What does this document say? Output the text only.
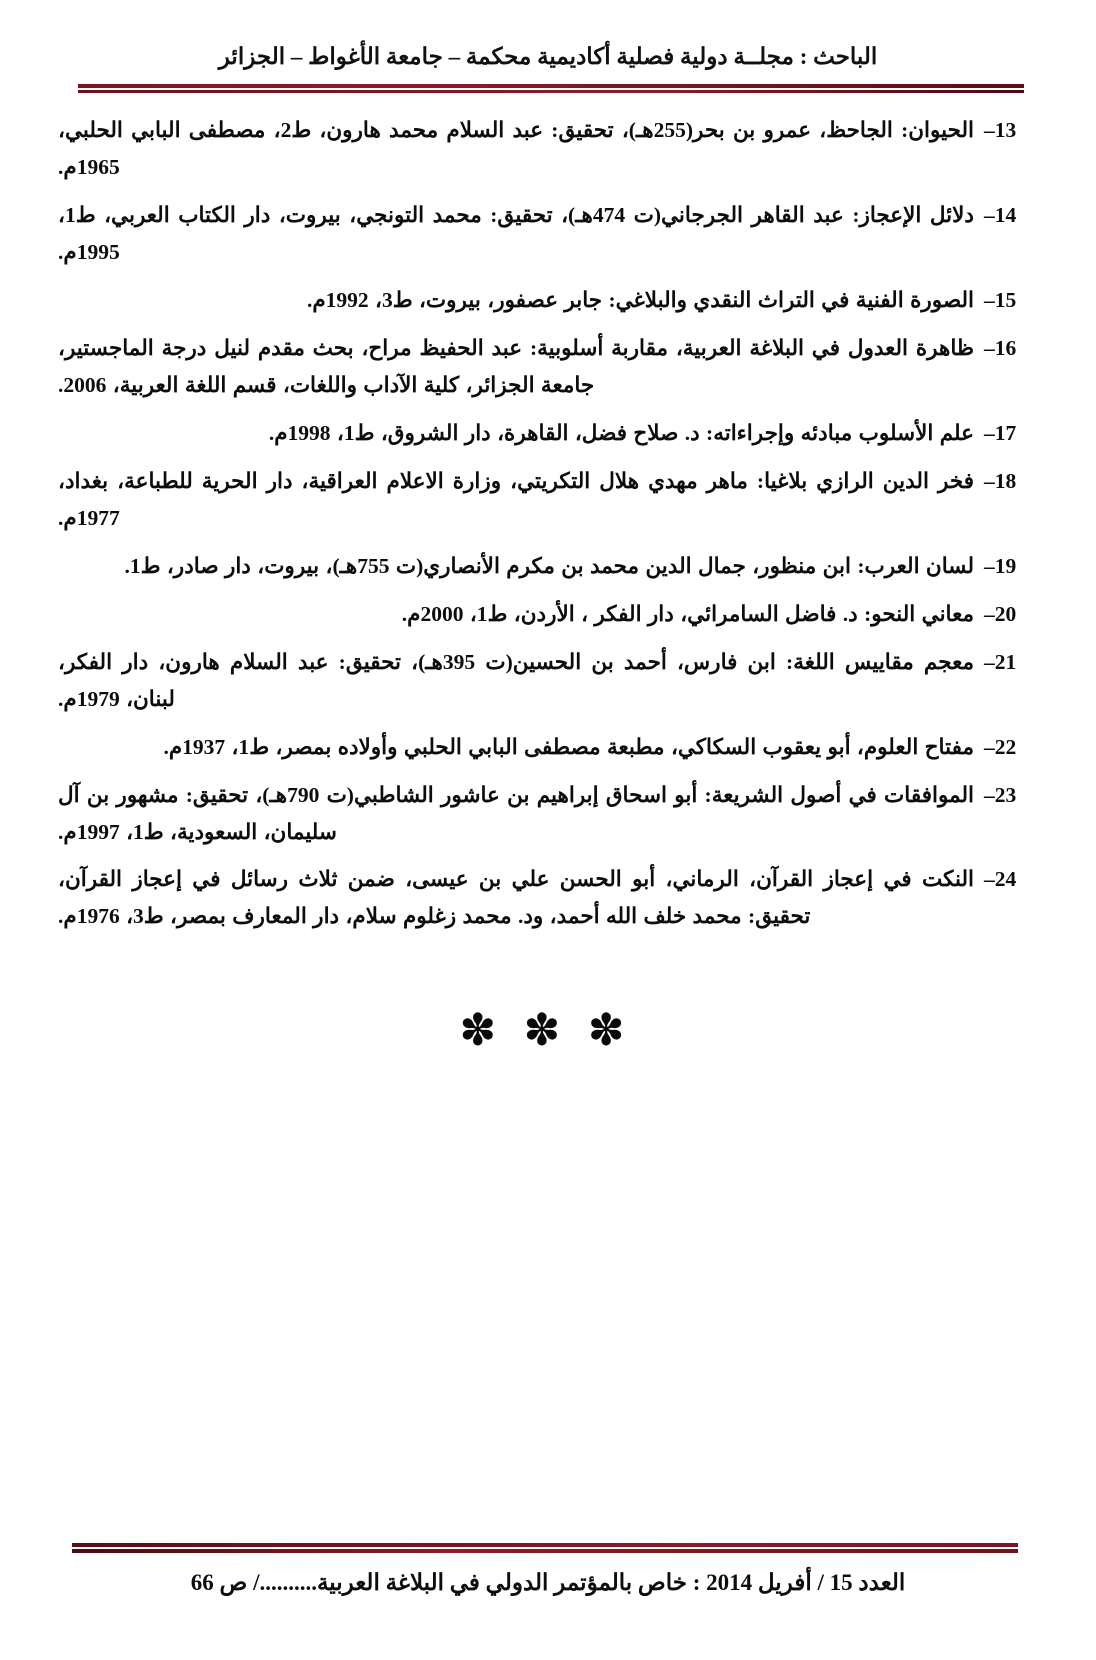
الباحث : مجلــة دولية فصلية أكاديمية محكمة – جامعة الأغواط – الجزائر
13–
الحيوان: الجاحظ، عمرو بن بحر(255هـ)، تحقيق: عبد السلام محمد هارون، ط2، مصطفى البابي الحلبي، 1965م.
14–
دلائل الإعجاز: عبد القاهر الجرجاني(ت 474هـ)، تحقيق: محمد التونجي، بيروت، دار الكتاب العربي، ط1، 1995م.
15–
الصورة الفنية في التراث النقدي والبلاغي: جابر عصفور، بيروت، ط3، 1992م.
16–
ظاهرة العدول في البلاغة العربية، مقاربة أسلوبية: عبد الحفيظ مراح، بحث مقدم لنيل درجة الماجستير، جامعة الجزائر، كلية الآداب واللغات، قسم اللغة العربية، 2006.
17–
علم الأسلوب مبادئه وإجراءاته: د. صلاح فضل، القاهرة، دار الشروق، ط1، 1998م.
18–
فخر الدين الرازي بلاغيا: ماهر مهدي هلال التكريتي، وزارة الاعلام العراقية، دار الحرية للطباعة، بغداد، 1977م.
19–
لسان العرب: ابن منظور، جمال الدين محمد بن مكرم الأنصاري(ت 755هـ)، بيروت، دار صادر، ط1.
20–
معاني النحو: د. فاضل السامرائي، دار الفكر ، الأردن، ط1، 2000م.
21–
معجم مقاييس اللغة: ابن فارس، أحمد بن الحسين(ت 395هـ)، تحقيق: عبد السلام هارون، دار الفكر، لبنان، 1979م.
22–
مفتاح العلوم، أبو يعقوب السكاكي، مطبعة مصطفى البابي الحلبي وأولاده بمصر، ط1، 1937م.
23–
الموافقات في أصول الشريعة: أبو اسحاق إبراهيم بن عاشور الشاطبي(ت 790هـ)، تحقيق: مشهور بن آل سليمان، السعودية، ط1، 1997م.
24–
النكت في إعجاز القرآن، الرماني، أبو الحسن علي بن عيسى، ضمن ثلاث رسائل في إعجاز القرآن، تحقيق: محمد خلف الله أحمد، ود. محمد زغلوم سلام، دار المعارف بمصر، ط3، 1976م.
✽ ✽ ✽
العدد 15 / أفريل 2014 : خاص بالمؤتمر الدولي في البلاغة العربية........../ ص 66
